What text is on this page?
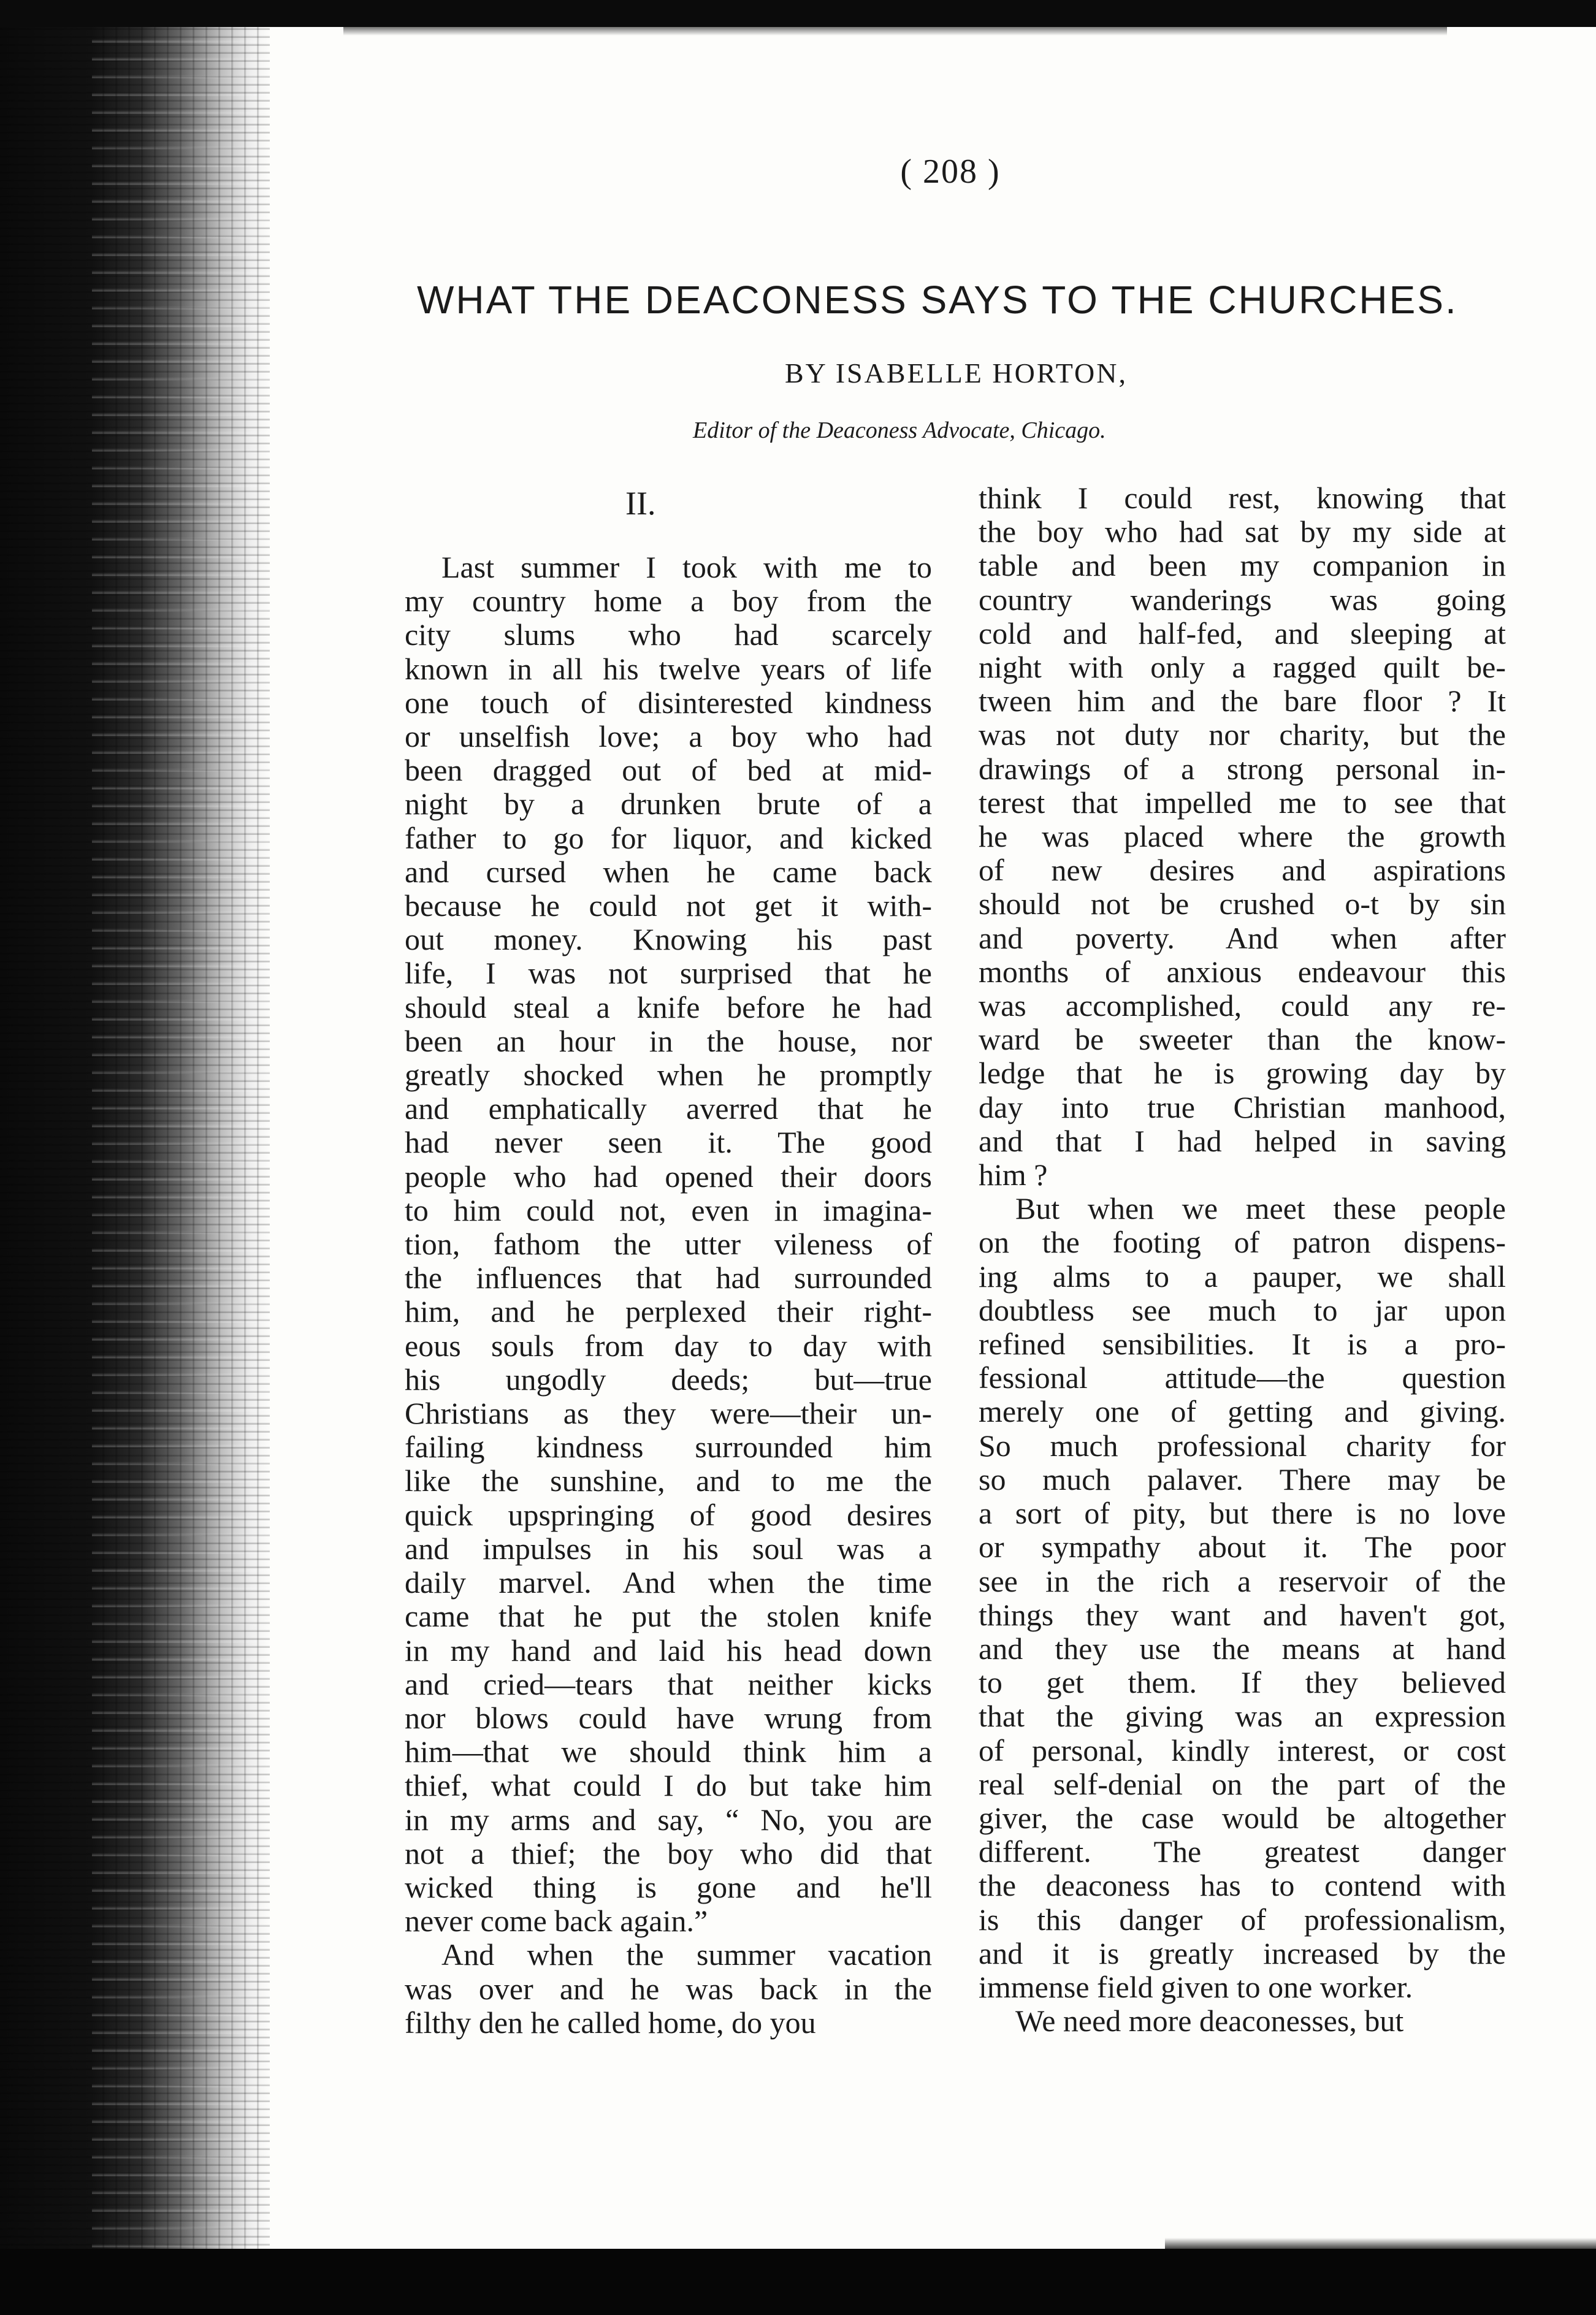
( 208 )
WHAT THE DEACONESS SAYS TO THE CHURCHES.
BY ISABELLE HORTON,
Editor of the Deaconess Advocate, Chicago.
II.

Last summer I took with me to
my country home a boy from the
city slums who had scarcely
known in all his twelve years of life
one touch of disinterested kindness
or unselfish love; a boy who had
been dragged out of bed at mid-
night by a drunken brute of a
father to go for liquor, and kicked
and cursed when he came back
because he could not get it with-
out money. Knowing his past
life, I was not surprised that he
should steal a knife before he had
been an hour in the house, nor
greatly shocked when he promptly
and emphatically averred that he
had never seen it. The good
people who had opened their doors
to him could not, even in imagina-
tion, fathom the utter vileness of
the influences that had surrounded
him, and he perplexed their right-
eous souls from day to day with
his ungodly deeds; but—true
Christians as they were—their un-
failing kindness surrounded him
like the sunshine, and to me the
quick upspringing of good desires
and impulses in his soul was a
daily marvel. And when the time
came that he put the stolen knife
in my hand and laid his head down
and cried—tears that neither kicks
nor blows could have wrung from
him—that we should think him a
thief, what could I do but take him
in my arms and say, “ No, you are
not a thief; the boy who did that
wicked thing is gone and he'll
never come back again.”

And when the summer vacation
was over and he was back in the
filthy den he called home, do you

think I could rest, knowing that
the boy who had sat by my side at
table and been my companion in
country wanderings was going
cold and half-fed, and sleeping at
night with only a ragged quilt be-
tween him and the bare floor ? It
was not duty nor charity, but the
drawings of a strong personal in-
terest that impelled me to see that
he was placed where the growth
of new desires and aspirations
should not be crushed o-t by sin
and poverty. And when after
months of anxious endeavour this
was accomplished, could any re-
ward be sweeter than the know-
ledge that he is growing day by
day into true Christian manhood,
and that I had helped in saving
him ?

But when we meet these people
on the footing of patron dispens-
ing alms to a pauper, we shall
doubtless see much to jar upon
refined sensibilities. It is a pro-
fessional attitude—the question
merely one of getting and giving.
So much professional charity for
so much palaver. There may be
a sort of pity, but there is no love
or sympathy about it. The poor
see in the rich a reservoir of the
things they want and haven't got,
and they use the means at hand
to get them. If they believed
that the giving was an expression
of personal, kindly interest, or cost
real self-denial on the part of the
giver, the case would be altogether
different. The greatest danger
the deaconess has to contend with
is this danger of professionalism,
and it is greatly increased by the
immense field given to one worker.

We need more deaconesses, but
